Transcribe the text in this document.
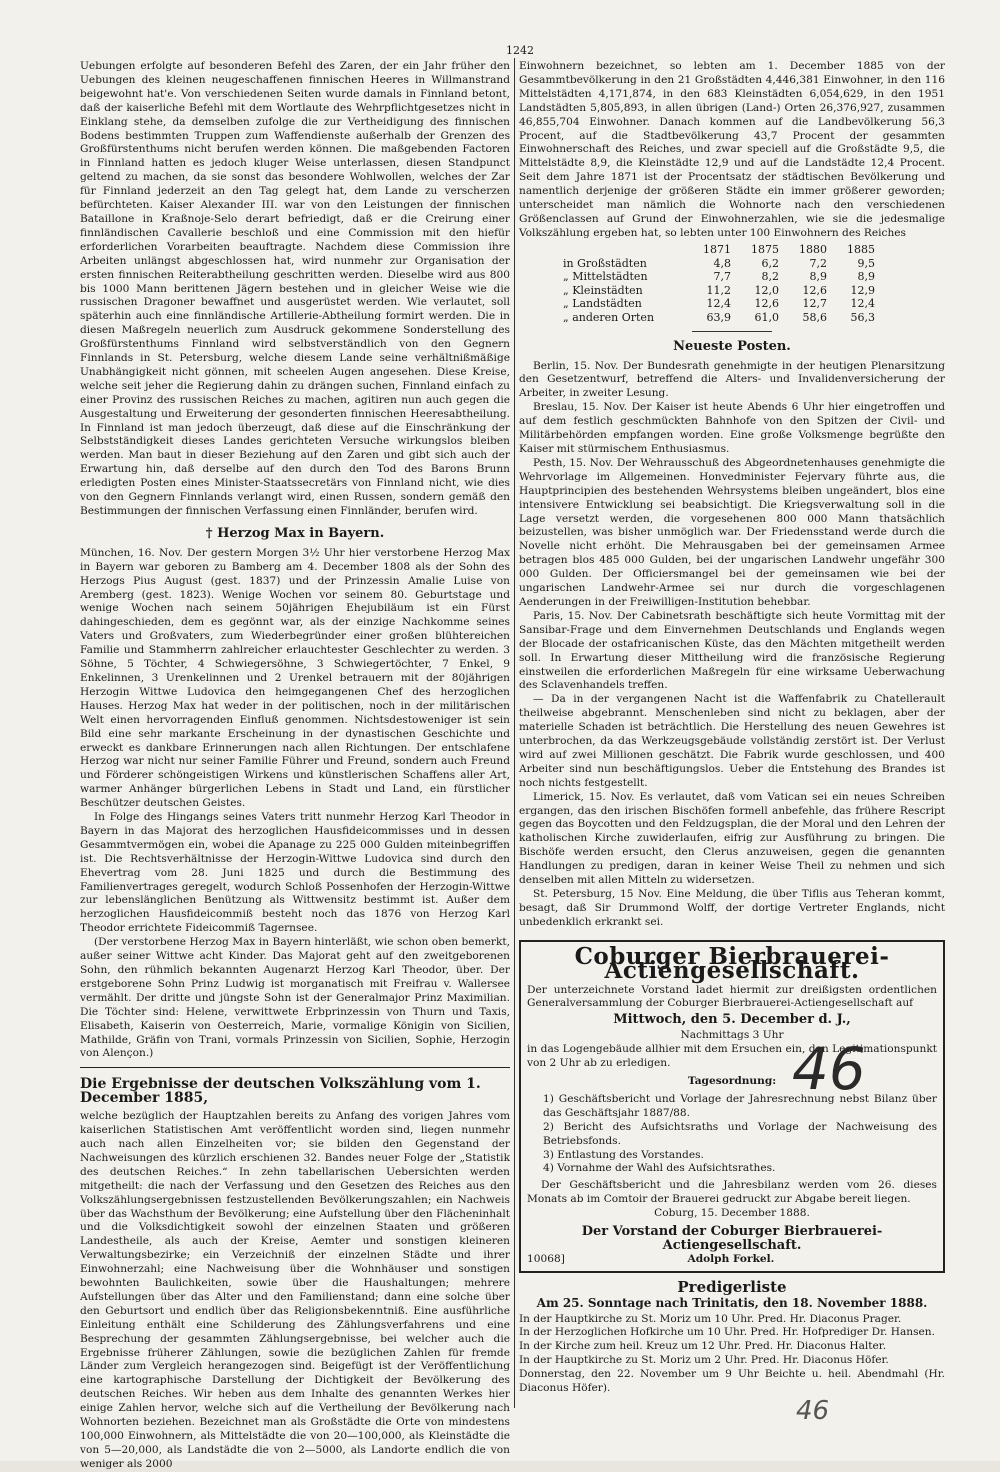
1242

Uebungen erfolgte auf besonderen Befehl des Zaren, der ein Jahr früher den Uebungen des kleinen neugeschaffenen finnischen Heeres in Willmanstrand beigewohnt hat'e. Von verschiedenen Seiten wurde damals in Finnland betont, daß der kaiserliche Befehl mit dem Wortlaute des Wehrpflichtgesetzes nicht in Einklang stehe, da demselben zufolge die zur Vertheidigung des finnischen Bodens bestimmten Truppen zum Waffendienste außerhalb der Grenzen des Großfürstenthums nicht berufen werden können. Die maßgebenden Factoren in Finnland hatten es jedoch kluger Weise unterlassen, diesen Standpunct geltend zu machen, da sie sonst das besondere Wohlwollen, welches der Zar für Finnland jederzeit an den Tag gelegt hat, dem Lande zu verscherzen befürchteten. Kaiser Alexander III. war von den Leistungen der finnischen Bataillone in Kraßnoje-Selo derart befriedigt, daß er die Creirung einer finnländischen Cavallerie beschloß und eine Commission mit den hiefür erforderlichen Vorarbeiten beauftragte. Nachdem diese Commission ihre Arbeiten unlängst abgeschlossen hat, wird nunmehr zur Organisation der ersten finnischen Reiterabtheilung geschritten werden. Dieselbe wird aus 800 bis 1000 Mann berittenen Jägern bestehen und in gleicher Weise wie die russischen Dragoner bewaffnet und ausgerüstet werden. Wie verlautet, soll späterhin auch eine finnländische Artillerie-Abtheilung formirt werden. Die in diesen Maßregeln neuerlich zum Ausdruck gekommene Sonderstellung des Großfürstenthums Finnland wird selbstverständlich von den Gegnern Finnlands in St. Petersburg, welche diesem Lande seine verhältnißmäßige Unabhängigkeit nicht gönnen, mit scheelen Augen angesehen. Diese Kreise, welche seit jeher die Regierung dahin zu drängen suchen, Finnland einfach zu einer Provinz des russischen Reiches zu machen, agitiren nun auch gegen die Ausgestaltung und Erweiterung der gesonderten finnischen Heeresabtheilung. In Finnland ist man jedoch überzeugt, daß diese auf die Einschränkung der Selbstständigkeit dieses Landes gerichteten Versuche wirkungslos bleiben werden. Man baut in dieser Beziehung auf den Zaren und gibt sich auch der Erwartung hin, daß derselbe auf den durch den Tod des Barons Brunn erledigten Posten eines Minister-Staatssecretärs von Finnland nicht, wie dies von den Gegnern Finnlands verlangt wird, einen Russen, sondern gemäß den Bestimmungen der finnischen Verfassung einen Finnländer, berufen wird.

† Herzog Max in Bayern.

München, 16. Nov. Der gestern Morgen 3½ Uhr hier verstorbene Herzog Max in Bayern war geboren zu Bamberg am 4. December 1808 als der Sohn des Herzogs Pius August (gest. 1837) und der Prinzessin Amalie Luise von Aremberg (gest. 1823). Wenige Wochen vor seinem 80. Geburtstage und wenige Wochen nach seinem 50jährigen Ehejubiläum ist ein Fürst dahingeschieden, dem es gegönnt war, als der einzige Nachkomme seines Vaters und Großvaters, zum Wiederbegründer einer großen blühtereichen Familie und Stammherrn zahlreicher erlauchtester Geschlechter zu werden. 3 Söhne, 5 Töchter, 4 Schwiegersöhne, 3 Schwiegertöchter, 7 Enkel, 9 Enkelinnen, 3 Urenkelinnen und 2 Urenkel betrauern mit der 80jährigen Herzogin Wittwe Ludovica den heimgegangenen Chef des herzoglichen Hauses. Herzog Max hat weder in der politischen, noch in der militärischen Welt einen hervorragenden Einfluß genommen. Nichtsdestoweniger ist sein Bild eine sehr markante Erscheinung in der dynastischen Geschichte und erweckt es dankbare Erinnerungen nach allen Richtungen. Der entschlafene Herzog war nicht nur seiner Familie Führer und Freund, sondern auch Freund und Förderer schöngeistigen Wirkens und künstlerischen Schaffens aller Art, warmer Anhänger bürgerlichen Lebens in Stadt und Land, ein fürstlicher Beschützer deutschen Geistes.

In Folge des Hingangs seines Vaters tritt nunmehr Herzog Karl Theodor in Bayern in das Majorat des herzoglichen Hausfideicommisses und in dessen Gesammtvermögen ein, wobei die Apanage zu 225 000 Gulden miteinbegriffen ist. Die Rechtsverhältnisse der Herzogin-Wittwe Ludovica sind durch den Ehevertrag vom 28. Juni 1825 und durch die Bestimmung des Familienvertrages geregelt, wodurch Schloß Possenhofen der Herzogin-Wittwe zur lebenslänglichen Benützung als Wittwensitz bestimmt ist. Außer dem herzoglichen Hausfideicommiß besteht noch das 1876 von Herzog Karl Theodor errichtete Fideicommiß Tagernsee.

(Der verstorbene Herzog Max in Bayern hinterläßt, wie schon oben bemerkt, außer seiner Wittwe acht Kinder. Das Majorat geht auf den zweitgeborenen Sohn, den rühmlich bekannten Augenarzt Herzog Karl Theodor, über. Der erstgeborene Sohn Prinz Ludwig ist morganatisch mit Freifrau v. Wallersee vermählt. Der dritte und jüngste Sohn ist der Generalmajor Prinz Maximilian. Die Töchter sind: Helene, verwittwete Erbprinzessin von Thurn und Taxis, Elisabeth, Kaiserin von Oesterreich, Marie, vormalige Königin von Sicilien, Mathilde, Gräfin von Trani, vormals Prinzessin von Sicilien, Sophie, Herzogin von Alençon.)

Die Ergebnisse der deutschen Volkszählung vom 1. December 1885,

welche bezüglich der Hauptzahlen bereits zu Anfang des vorigen Jahres vom kaiserlichen Statistischen Amt veröffentlicht worden sind, liegen nunmehr auch nach allen Einzelheiten vor; sie bilden den Gegenstand der Nachweisungen des kürzlich erschienen 32. Bandes neuer Folge der „Statistik des deutschen Reiches.“ In zehn tabellarischen Uebersichten werden mitgetheilt: die nach der Verfassung und den Gesetzen des Reiches aus den Volkszählungsergebnissen festzustellenden Bevölkerungszahlen; ein Nachweis über das Wachsthum der Bevölkerung; eine Aufstellung über den Flächeninhalt und die Volksdichtigkeit sowohl der einzelnen Staaten und größeren Landestheile, als auch der Kreise, Aemter und sonstigen kleineren Verwaltungsbezirke; ein Verzeichniß der einzelnen Städte und ihrer Einwohnerzahl; eine Nachweisung über die Wohnhäuser und sonstigen bewohnten Baulichkeiten, sowie über die Haushaltungen; mehrere Aufstellungen über das Alter und den Familienstand; dann eine solche über den Geburtsort und endlich über das Religionsbekenntniß. Eine ausführliche Einleitung enthält eine Schilderung des Zählungsverfahrens und eine Besprechung der gesammten Zählungsergebnisse, bei welcher auch die Ergebnisse früherer Zählungen, sowie die bezüglichen Zahlen für fremde Länder zum Vergleich herangezogen sind. Beigefügt ist der Veröffentlichung eine kartographische Darstellung der Dichtigkeit der Bevölkerung des deutschen Reiches. Wir heben aus dem Inhalte des genannten Werkes hier einige Zahlen hervor, welche sich auf die Vertheilung der Bevölkerung nach Wohnorten beziehen. Bezeichnet man als Großstädte die Orte von mindestens 100,000 Einwohnern, als Mittelstädte die von 20—100,000, als Kleinstädte die von 5—20,000, als Landstädte die von 2—5000, als Landorte endlich die von weniger als 2000

Einwohnern bezeichnet, so lebten am 1. December 1885 von der Gesammtbevölkerung in den 21 Großstädten 4,446,381 Einwohner, in den 116 Mittelstädten 4,171,874, in den 683 Kleinstädten 6,054,629, in den 1951 Landstädten 5,805,893, in allen übrigen (Land-) Orten 26,376,927, zusammen 46,855,704 Einwohner. Danach kommen auf die Landbevölkerung 56,3 Procent, auf die Stadtbevölkerung 43,7 Procent der gesammten Einwohnerschaft des Reiches, und zwar speciell auf die Großstädte 9,5, die Mittelstädte 8,9, die Kleinstädte 12,9 und auf die Landstädte 12,4 Procent. Seit dem Jahre 1871 ist der Procentsatz der städtischen Bevölkerung und namentlich derjenige der größeren Städte ein immer größerer geworden; unterscheidet man nämlich die Wohnorte nach den verschiedenen Größenclassen auf Grund der Einwohnerzahlen, wie sie die jedesmalige Volkszählung ergeben hat, so lebten unter 100 Einwohnern des Reiches

	1871	1875	1880	1885
in Großstädten	4,8	6,2	7,2	9,5
„ Mittelstädten	7,7	8,2	8,9	8,9
„ Kleinstädten	11,2	12,0	12,6	12,9
„ Landstädten	12,4	12,6	12,7	12,4
„ anderen Orten	63,9	61,0	58,6	56,3
Neueste Posten.

Berlin, 15. Nov. Der Bundesrath genehmigte in der heutigen Plenarsitzung den Gesetzentwurf, betreffend die Alters- und Invalidenversicherung der Arbeiter, in zweiter Lesung.

Breslau, 15. Nov. Der Kaiser ist heute Abends 6 Uhr hier eingetroffen und auf dem festlich geschmückten Bahnhofe von den Spitzen der Civil- und Militärbehörden empfangen worden. Eine große Volksmenge begrüßte den Kaiser mit stürmischem Enthusiasmus.

Pesth, 15. Nov. Der Wehrausschuß des Abgeordnetenhauses genehmigte die Wehrvorlage im Allgemeinen. Honvedminister Fejervary führte aus, die Hauptprincipien des bestehenden Wehrsystems bleiben ungeändert, blos eine intensivere Entwicklung sei beabsichtigt. Die Kriegsverwaltung soll in die Lage versetzt werden, die vorgesehenen 800 000 Mann thatsächlich beizustellen, was bisher unmöglich war. Der Friedensstand werde durch die Novelle nicht erhöht. Die Mehrausgaben bei der gemeinsamen Armee betragen blos 485 000 Gulden, bei der ungarischen Landwehr ungefähr 300 000 Gulden. Der Officiersmangel bei der gemeinsamen wie bei der ungarischen Landwehr-Armee sei nur durch die vorgeschlagenen Aenderungen in der Freiwilligen-Institution behebbar.

Paris, 15. Nov. Der Cabinetsrath beschäftigte sich heute Vormittag mit der Sansibar-Frage und dem Einvernehmen Deutschlands und Englands wegen der Blocade der ostafricanischen Küste, das den Mächten mitgetheilt werden soll. In Erwartung dieser Mittheilung wird die französische Regierung einstweilen die erforderlichen Maßregeln für eine wirksame Ueberwachung des Sclavenhandels treffen.

— Da in der vergangenen Nacht ist die Waffenfabrik zu Chatellerault theilweise abgebrannt. Menschenleben sind nicht zu beklagen, aber der materielle Schaden ist beträchtlich. Die Herstellung des neuen Gewehres ist unterbrochen, da das Werkzeugsgebäude vollständig zerstört ist. Der Verlust wird auf zwei Millionen geschätzt. Die Fabrik wurde geschlossen, und 400 Arbeiter sind nun beschäftigungslos. Ueber die Entstehung des Brandes ist noch nichts festgestellt.

Limerick, 15. Nov. Es verlautet, daß vom Vatican sei ein neues Schreiben ergangen, das den irischen Bischöfen formell anbefehle, das frühere Rescript gegen das Boycotten und den Feldzugsplan, die der Moral und den Lehren der katholischen Kirche zuwiderlaufen, eifrig zur Ausführung zu bringen. Die Bischöfe werden ersucht, den Clerus anzuweisen, gegen die genannten Handlungen zu predigen, daran in keiner Weise Theil zu nehmen und sich denselben mit allen Mitteln zu widersetzen.

St. Petersburg, 15 Nov. Eine Meldung, die über Tiflis aus Teheran kommt, besagt, daß Sir Drummond Wolff, der dortige Vertreter Englands, nicht unbedenklich erkrankt sei.

Coburger Bierbrauerei-Actiengesellschaft.

Der unterzeichnete Vorstand ladet hiermit zur dreißigsten ordentlichen Generalversammlung der Coburger Bierbrauerei-Actiengesellschaft auf

Mittwoch, den 5. December d. J.,
Nachmittags 3 Uhr

in das Logengebäude allhier mit dem Ersuchen ein, den Legitimationspunkt von 2 Uhr ab zu erledigen.

Tagesordnung:

1) Geschäftsbericht und Vorlage der Jahresrechnung nebst Bilanz über das Geschäftsjahr 1887/88.

2) Bericht des Aufsichtsraths und Vorlage der Nachweisung des Betriebsfonds.

3) Entlastung des Vorstandes.

4) Vornahme der Wahl des Aufsichtsrathes.

Der Geschäftsbericht und die Jahresbilanz werden vom 26. dieses Monats ab im Comtoir der Brauerei gedruckt zur Abgabe bereit liegen.

Coburg, 15. December 1888.
Der Vorstand der Coburger Bierbrauerei-Actiengesellschaft.
10068]	Adolph Forkel.
Predigerliste
Am 25. Sonntage nach Trinitatis, den 18. November 1888.

In der Hauptkirche zu St. Moriz um 10 Uhr. Pred. Hr. Diaconus Prager.

In der Herzoglichen Hofkirche um 10 Uhr. Pred. Hr. Hofprediger Dr. Hansen.

In der Kirche zum heil. Kreuz um 12 Uhr. Pred. Hr. Diaconus Halter.

In der Hauptkirche zu St. Moriz um 2 Uhr. Pred. Hr. Diaconus Höfer.

Donnerstag, den 22. November um 9 Uhr Beichte u. heil. Abendmahl (Hr. Diaconus Höfer).

46
46
